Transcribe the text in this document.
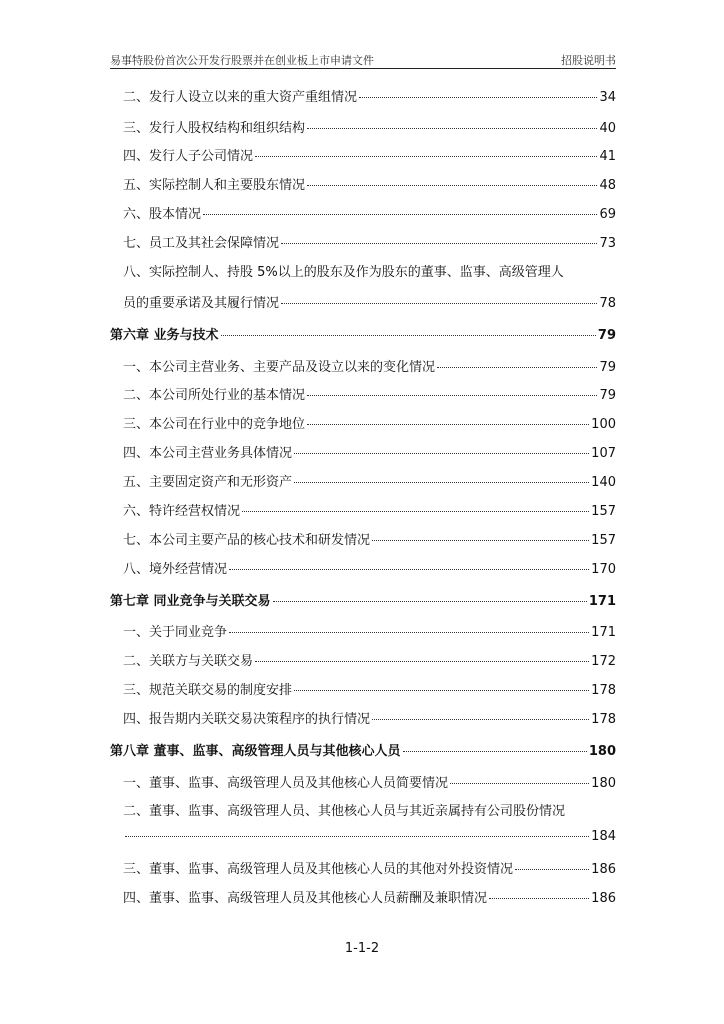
易事特股份首次公开发行股票并在创业板上市申请文件	招股说明书
二、发行人设立以来的重大资产重组情况	34
三、发行人股权结构和组织结构	40
四、发行人子公司情况	41
五、实际控制人和主要股东情况	48
六、股本情况	69
七、员工及其社会保障情况	73
八、实际控制人、持股 5%以上的股东及作为股东的董事、监事、高级管理人
员的重要承诺及其履行情况	78
第六章 业务与技术	79
一、本公司主营业务、主要产品及设立以来的变化情况	79
二、本公司所处行业的基本情况	79
三、本公司在行业中的竞争地位	100
四、本公司主营业务具体情况	107
五、主要固定资产和无形资产	140
六、特许经营权情况	157
七、本公司主要产品的核心技术和研发情况	157
八、境外经营情况	170
第七章 同业竞争与关联交易	171
一、关于同业竞争	171
二、关联方与关联交易	172
三、规范关联交易的制度安排	178
四、报告期内关联交易决策程序的执行情况	178
第八章 董事、监事、高级管理人员与其他核心人员	180
一、董事、监事、高级管理人员及其他核心人员简要情况	180
二、董事、监事、高级管理人员、其他核心人员与其近亲属持有公司股份情况
184
三、董事、监事、高级管理人员及其他核心人员的其他对外投资情况	186
四、董事、监事、高级管理人员及其他核心人员薪酬及兼职情况	186
1-1-2
